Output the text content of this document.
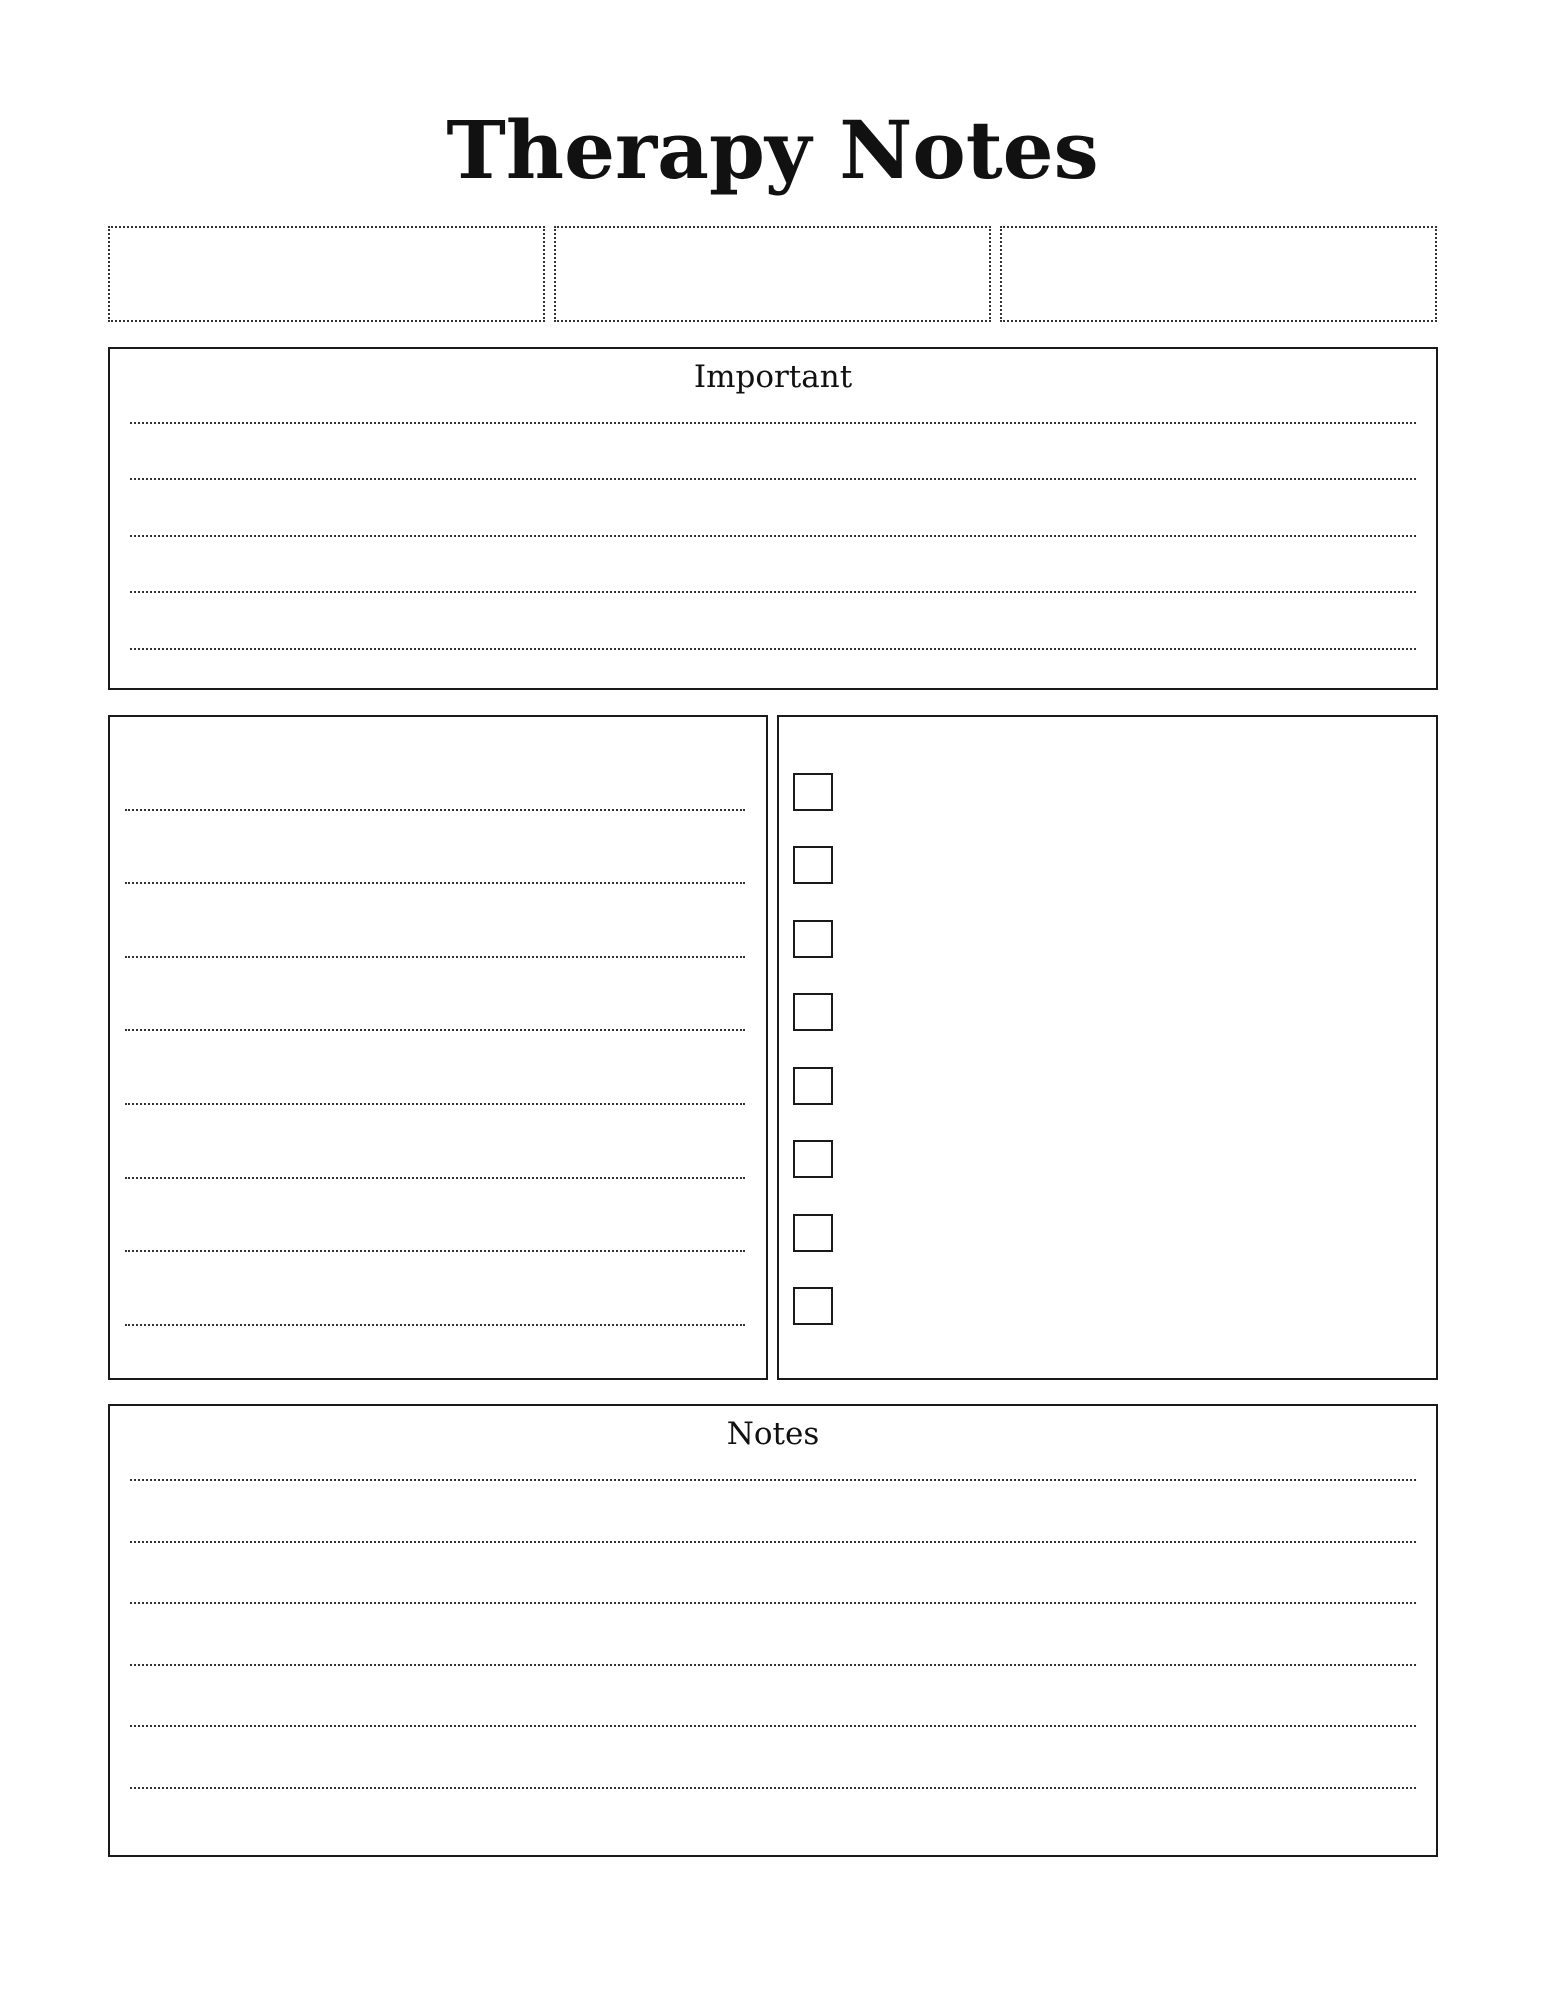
Therapy Notes
Important
Notes
